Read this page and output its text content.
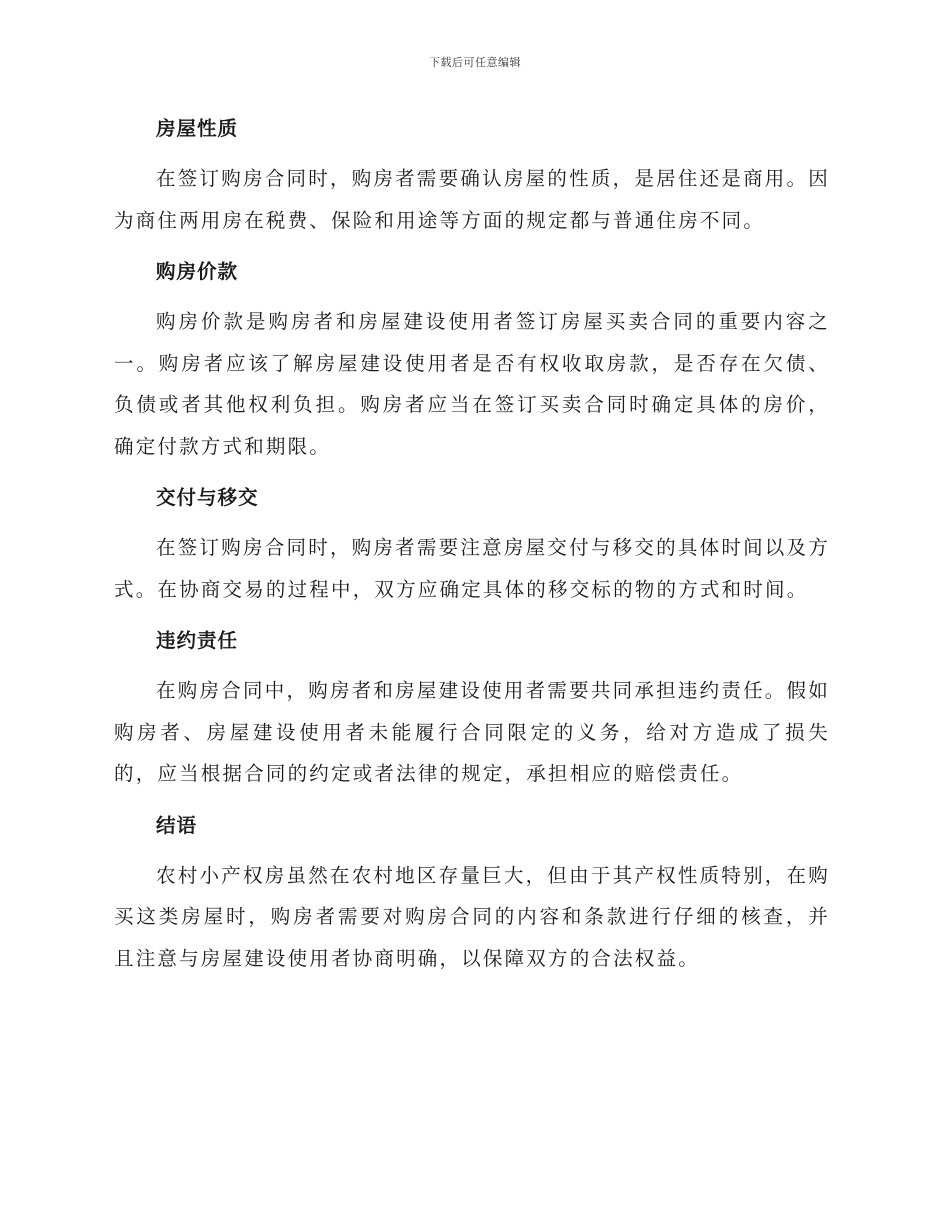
下载后可任意编辑
房屋性质

在签订购房合同时，购房者需要确认房屋的性质，是居住还是商用。因为商住两用房在税费、保险和用途等方面的规定都与普通住房不同。

购房价款

购房价款是购房者和房屋建设使用者签订房屋买卖合同的重要内容之一。购房者应该了解房屋建设使用者是否有权收取房款，是否存在欠债、负债或者其他权利负担。购房者应当在签订买卖合同时确定具体的房价，确定付款方式和期限。

交付与移交

在签订购房合同时，购房者需要注意房屋交付与移交的具体时间以及方式。在协商交易的过程中，双方应确定具体的移交标的物的方式和时间。

违约责任

在购房合同中，购房者和房屋建设使用者需要共同承担违约责任。假如购房者、房屋建设使用者未能履行合同限定的义务，给对方造成了损失的，应当根据合同的约定或者法律的规定，承担相应的赔偿责任。

结语

农村小产权房虽然在农村地区存量巨大，但由于其产权性质特别，在购买这类房屋时，购房者需要对购房合同的内容和条款进行仔细的核查，并且注意与房屋建设使用者协商明确，以保障双方的合法权益。
